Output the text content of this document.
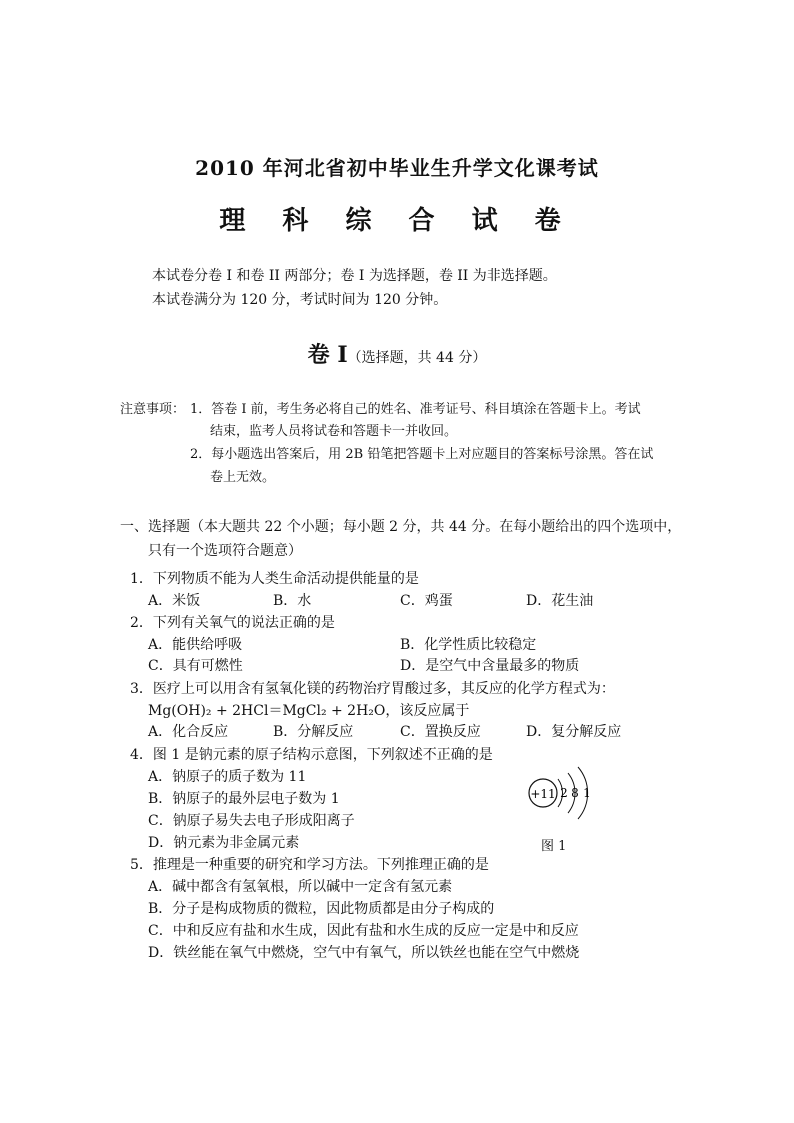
2010 年河北省初中毕业生升学文化课考试
理 科 综 合 试 卷
本试卷分卷 I 和卷 II 两部分；卷 I 为选择题，卷 II 为非选择题。
本试卷满分为 120 分，考试时间为 120 分钟。
卷 I（选择题，共 44 分）
注意事项： 1．答卷 I 前，考生务必将自己的姓名、准考证号、科目填涂在答题卡上。考试
结束，监考人员将试卷和答题卡一并收回。
2．每小题选出答案后，用 2B 铅笔把答题卡上对应题目的答案标号涂黑。答在试
卷上无效。
一、选择题（本大题共 22 个小题；每小题 2 分，共 44 分。在每小题给出的四个选项中，
只有一个选项符合题意）
1．下列物质不能为人类生命活动提供能量的是
A．米饭	B．水	C．鸡蛋	D．花生油
2．下列有关氧气的说法正确的是
A．能供给呼吸	B．化学性质比较稳定
C．具有可燃性	D．是空气中含量最多的物质
3．医疗上可以用含有氢氧化镁的药物治疗胃酸过多，其反应的化学方程式为：
Mg(OH)₂ + 2HCl＝MgCl₂ + 2H₂O，该反应属于
A．化合反应	B．分解反应	C．置换反应	D．复分解反应
4．图 1 是钠元素的原子结构示意图，下列叙述不正确的是
A．钠原子的质子数为 11
B．钠原子的最外层电子数为 1
C．钠原子易失去电子形成阳离子
D．钠元素为非金属元素
+11 2 8 1
图 1
5．推理是一种重要的研究和学习方法。下列推理正确的是
A．碱中都含有氢氧根，所以碱中一定含有氢元素
B．分子是构成物质的微粒，因此物质都是由分子构成的
C．中和反应有盐和水生成，因此有盐和水生成的反应一定是中和反应
D．铁丝能在氧气中燃烧，空气中有氧气，所以铁丝也能在空气中燃烧
